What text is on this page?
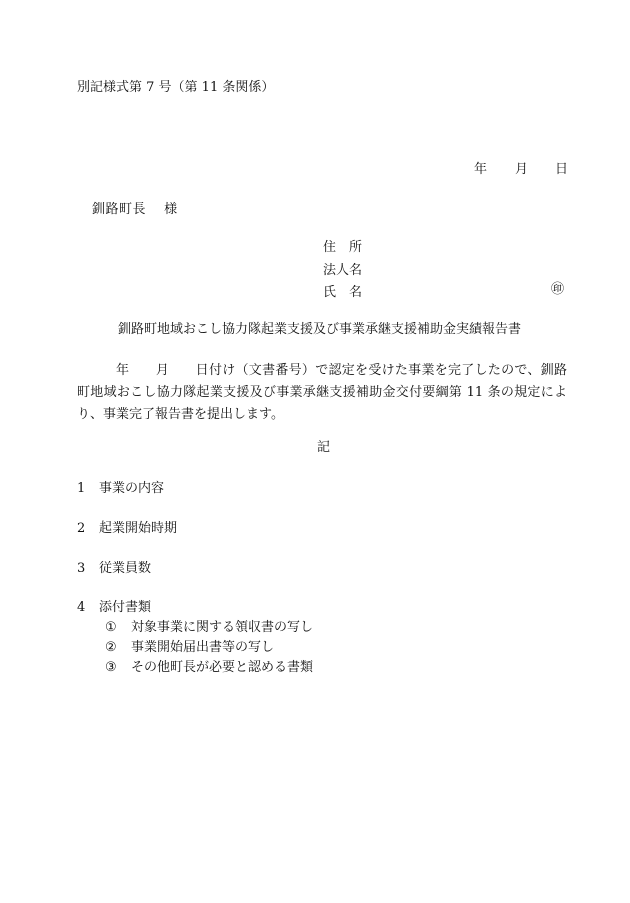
別記様式第 7 号（第 11 条関係）
年 月 日
釧路町長　 様
住　所
法人名
氏　名	㊞
釧路町地域おこし協力隊起業支援及び事業承継支援補助金実績報告書
年　　月　　日付け（文書番号）で認定を受けた事業を完了したので、釧路町地域おこし協力隊起業支援及び事業承継支援補助金交付要綱第 11 条の規定により、事業完了報告書を提出します。
記
1 事業の内容
2 起業開始時期
3 従業員数
4 添付書類
① 対象事業に関する領収書の写し
② 事業開始届出書等の写し
③ その他町長が必要と認める書類
